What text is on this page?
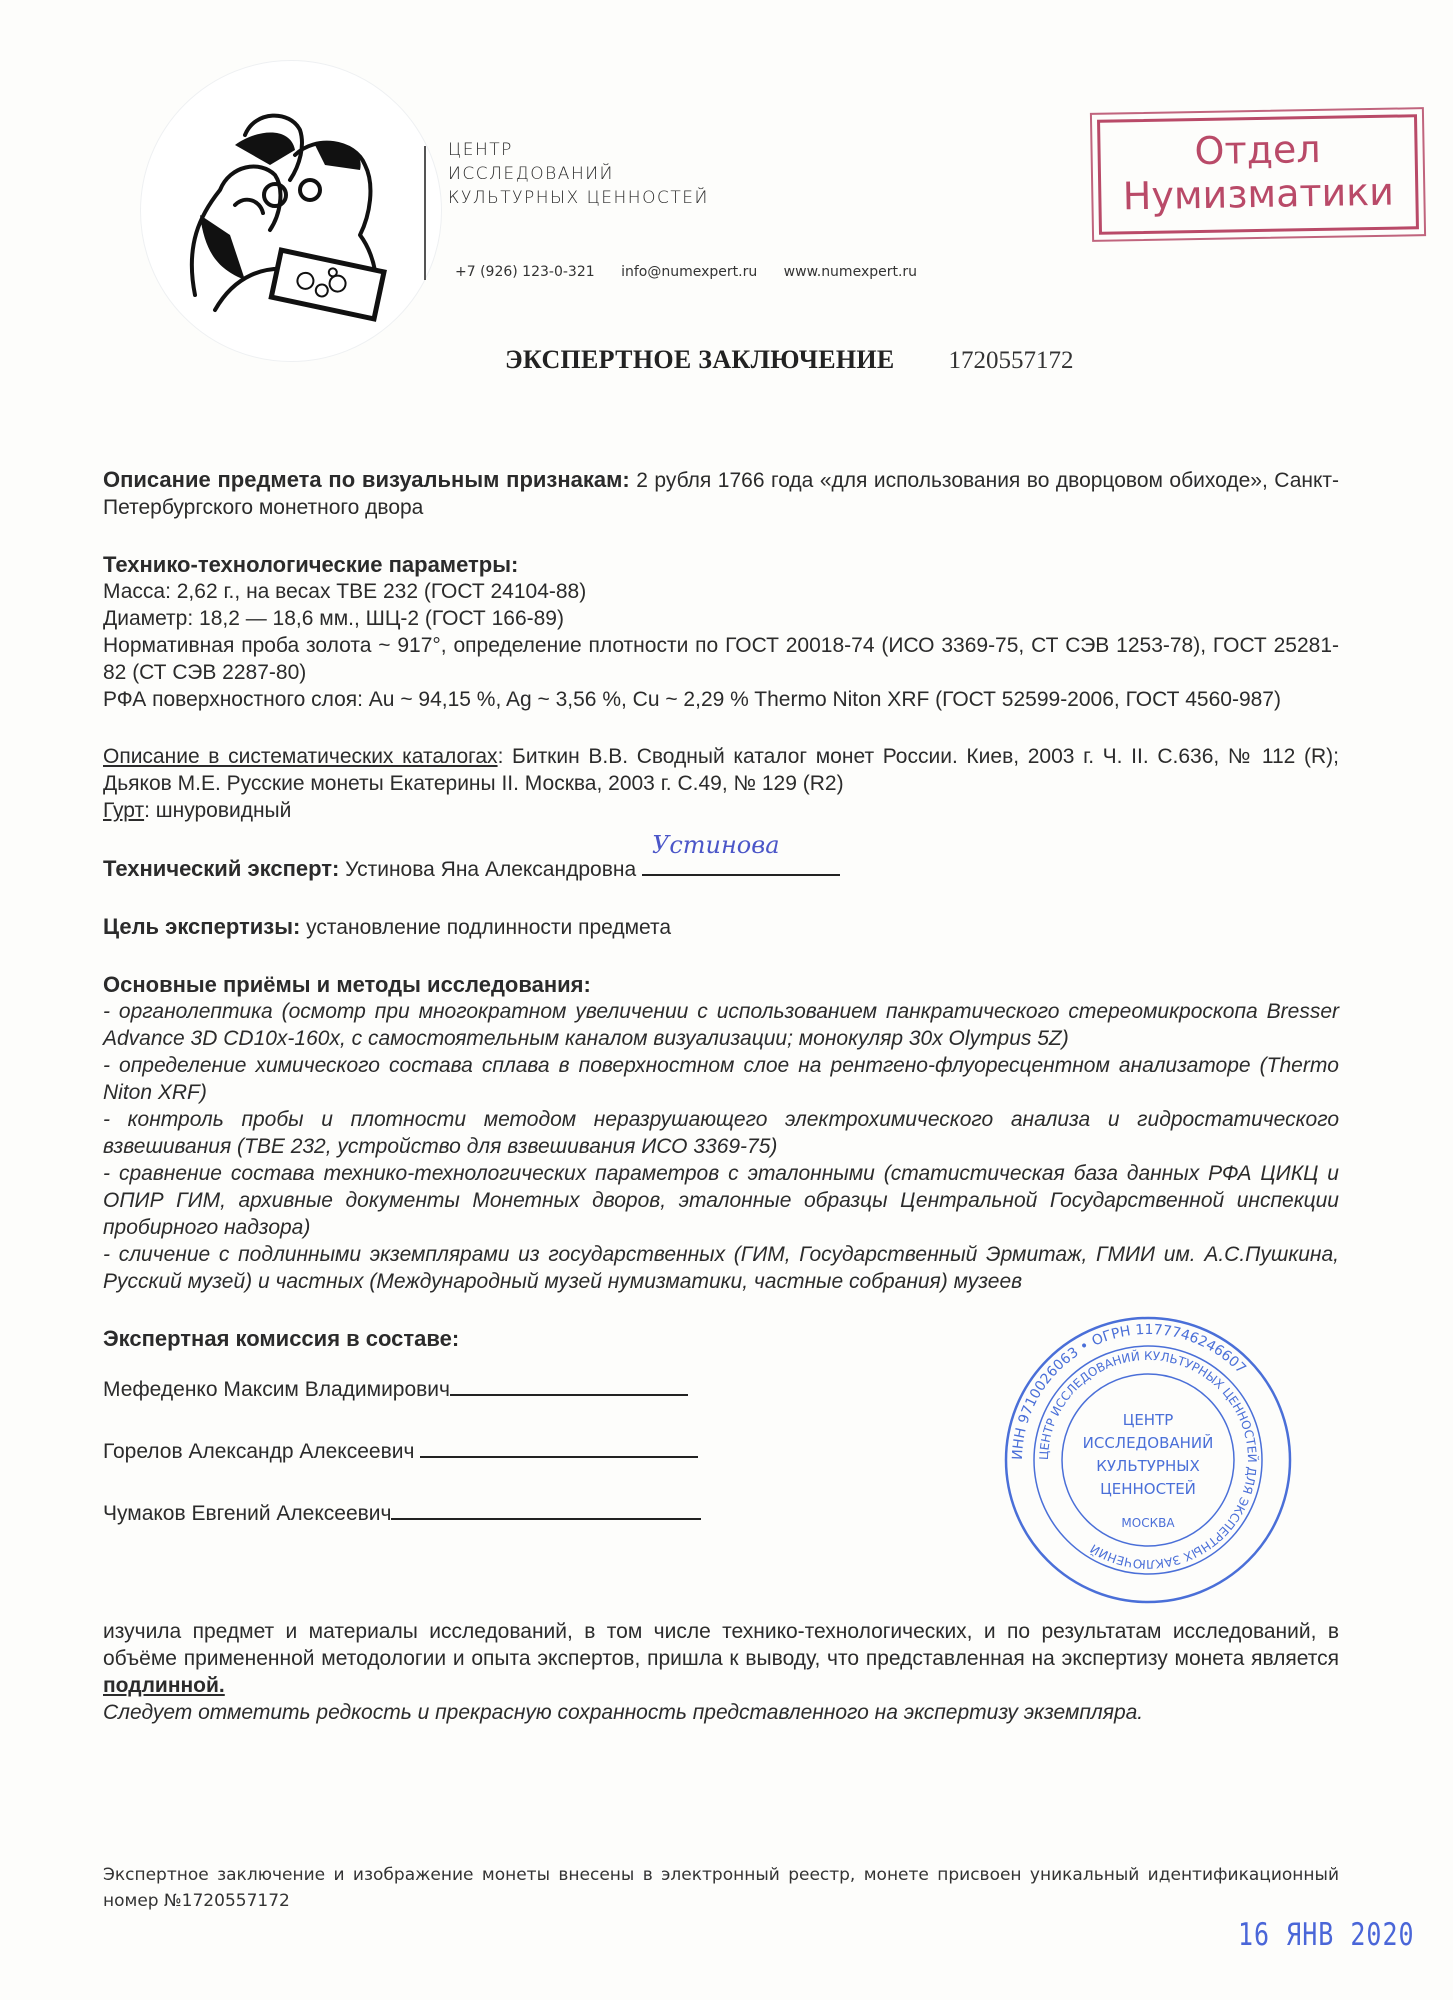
ЦЕНТР
ИССЛЕДОВАНИЙ
КУЛЬТУРНЫХ ЦЕННОСТЕЙ
+7 (926) 123-0-321 info@numexpert.ru www.numexpert.ru
Отдел
Нумизматики
ЭКСПЕРТНОЕ ЗАКЛЮЧЕНИЕ 1720557172

Описание предмета по визуальным признакам: 2 рубля 1766 года «для использования во дворцовом обиходе», Санкт-Петербургского монетного двора

Технико-технологические параметры:

Масса: 2,62 г., на весах ТВЕ 232 (ГОСТ 24104-88)

Диаметр: 18,2 — 18,6 мм., ШЦ-2 (ГОСТ 166-89)

Нормативная проба золота ~ 917°, определение плотности по ГОСТ 20018-74 (ИСО 3369-75, СТ СЭВ 1253-78), ГОСТ 25281-82 (СТ СЭВ 2287-80)

РФА поверхностного слоя: Au ~ 94,15 %, Ag ~ 3,56 %, Cu ~ 2,29 % Thermo Niton XRF (ГОСТ 52599-2006, ГОСТ 4560-987)

Описание в систематических каталогах: Биткин В.В. Сводный каталог монет России. Киев, 2003 г. Ч. II. С.636, № 112 (R); Дьяков М.Е. Русские монеты Екатерины II. Москва, 2003 г. С.49, № 129 (R2)

Гурт: шнуровидный

Технический эксперт: Устинова Яна Александровна
Устинова

Цель экспертизы: установление подлинности предмета

Основные приёмы и методы исследования:

- органолептика (осмотр при многократном увеличении с использованием панкратического стереомикроскопа Bresser Advance 3D CD10x-160x, с самостоятельным каналом визуализации; монокуляр 30x Olympus 5Z)

- определение химического состава сплава в поверхностном слое на рентгено-флуоресцентном анализаторе (Thermo Niton XRF)

- контроль пробы и плотности методом неразрушающего электрохимического анализа и гидростатического взвешивания (ТВЕ 232, устройство для взвешивания ИСО 3369-75)

- сравнение состава технико-технологических параметров с эталонными (статистическая база данных РФА ЦИКЦ и ОПИР ГИМ, архивные документы Монетных дворов, эталонные образцы Центральной Государственной инспекции пробирного надзора)

- сличение с подлинными экземплярами из государственных (ГИМ, Государственный Эрмитаж, ГМИИ им. А.С.Пушкина, Русский музей) и частных (Международный музей нумизматики, частные собрания) музеев

Экспертная комиссия в составе:

Мефеденко Максим Владимирович
Горелов Александр Алексеевич
Чумаков Евгений Алексеевич
ИНН 9710026063 • ОГРН 1177746246607
ЦЕНТР ИССЛЕДОВАНИЙ КУЛЬТУРНЫХ ЦЕННОСТЕЙ ДЛЯ ЭКСПЕРТНЫХ ЗАКЛЮЧЕНИЙ
ЦЕНТР
ИССЛЕДОВАНИЙ
КУЛЬТУРНЫХ
ЦЕННОСТЕЙ
МОСКВА

изучила предмет и материалы исследований, в том числе технико-технологических, и по результатам исследований, в объёме примененной методологии и опыта экспертов, пришла к выводу, что представленная на экспертизу монета является подлинной.

Следует отметить редкость и прекрасную сохранность представленного на экспертизу экземпляра.

Экспертное заключение и изображение монеты внесены в электронный реестр, монете присвоен уникальный идентификационный номер №1720557172
16 ЯНВ 2020
